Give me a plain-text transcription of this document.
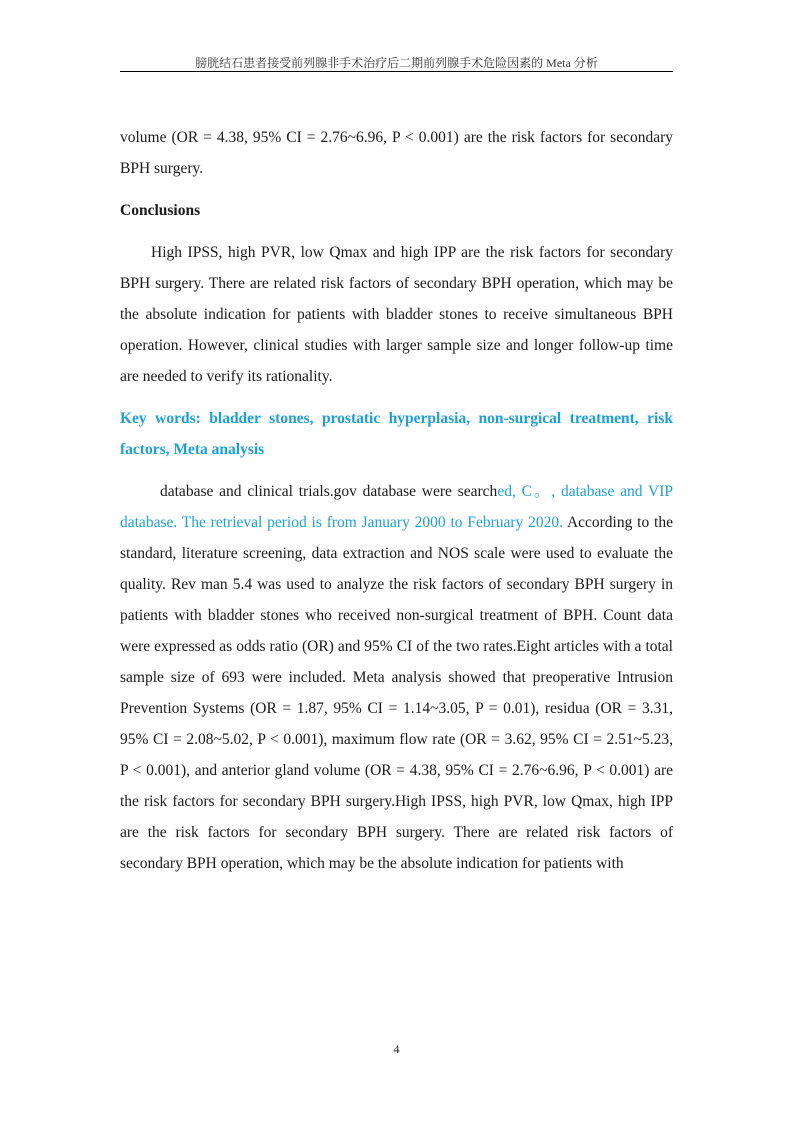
膀胱结石患者接受前列腺非手术治疗后二期前列腺手术危险因素的 Meta 分析

volume (OR = 4.38, 95% CI = 2.76~6.96, P < 0.001) are the risk factors for secondary BPH surgery.

Conclusions

High IPSS, high PVR, low Qmax and high IPP are the risk factors for secondary BPH surgery. There are related risk factors of secondary BPH operation, which may be the absolute indication for patients with bladder stones to receive simultaneous BPH operation. However, clinical studies with larger sample size and longer follow-up time are needed to verify its rationality.

Key words: bladder stones, prostatic hyperplasia, non-surgical treatment, risk factors, Meta analysis

database and clinical trials.gov database were searched, C。, database and VIP database. The retrieval period is from January 2000 to February 2020. According to the standard, literature screening, data extraction and NOS scale were used to evaluate the quality. Rev man 5.4 was used to analyze the risk factors of secondary BPH surgery in patients with bladder stones who received non-surgical treatment of BPH. Count data were expressed as odds ratio (OR) and 95% CI of the two rates.Eight articles with a total sample size of 693 were included. Meta analysis showed that preoperative Intrusion Prevention Systems (OR = 1.87, 95% CI = 1.14~3.05, P = 0.01), residua (OR = 3.31, 95% CI = 2.08~5.02, P < 0.001), maximum flow rate (OR = 3.62, 95% CI = 2.51~5.23, P < 0.001), and anterior gland volume (OR = 4.38, 95% CI = 2.76~6.96, P < 0.001) are the risk factors for secondary BPH surgery.High IPSS, high PVR, low Qmax, high IPP are the risk factors for secondary BPH surgery. There are related risk factors of secondary BPH operation, which may be the absolute indication for patients with

4
